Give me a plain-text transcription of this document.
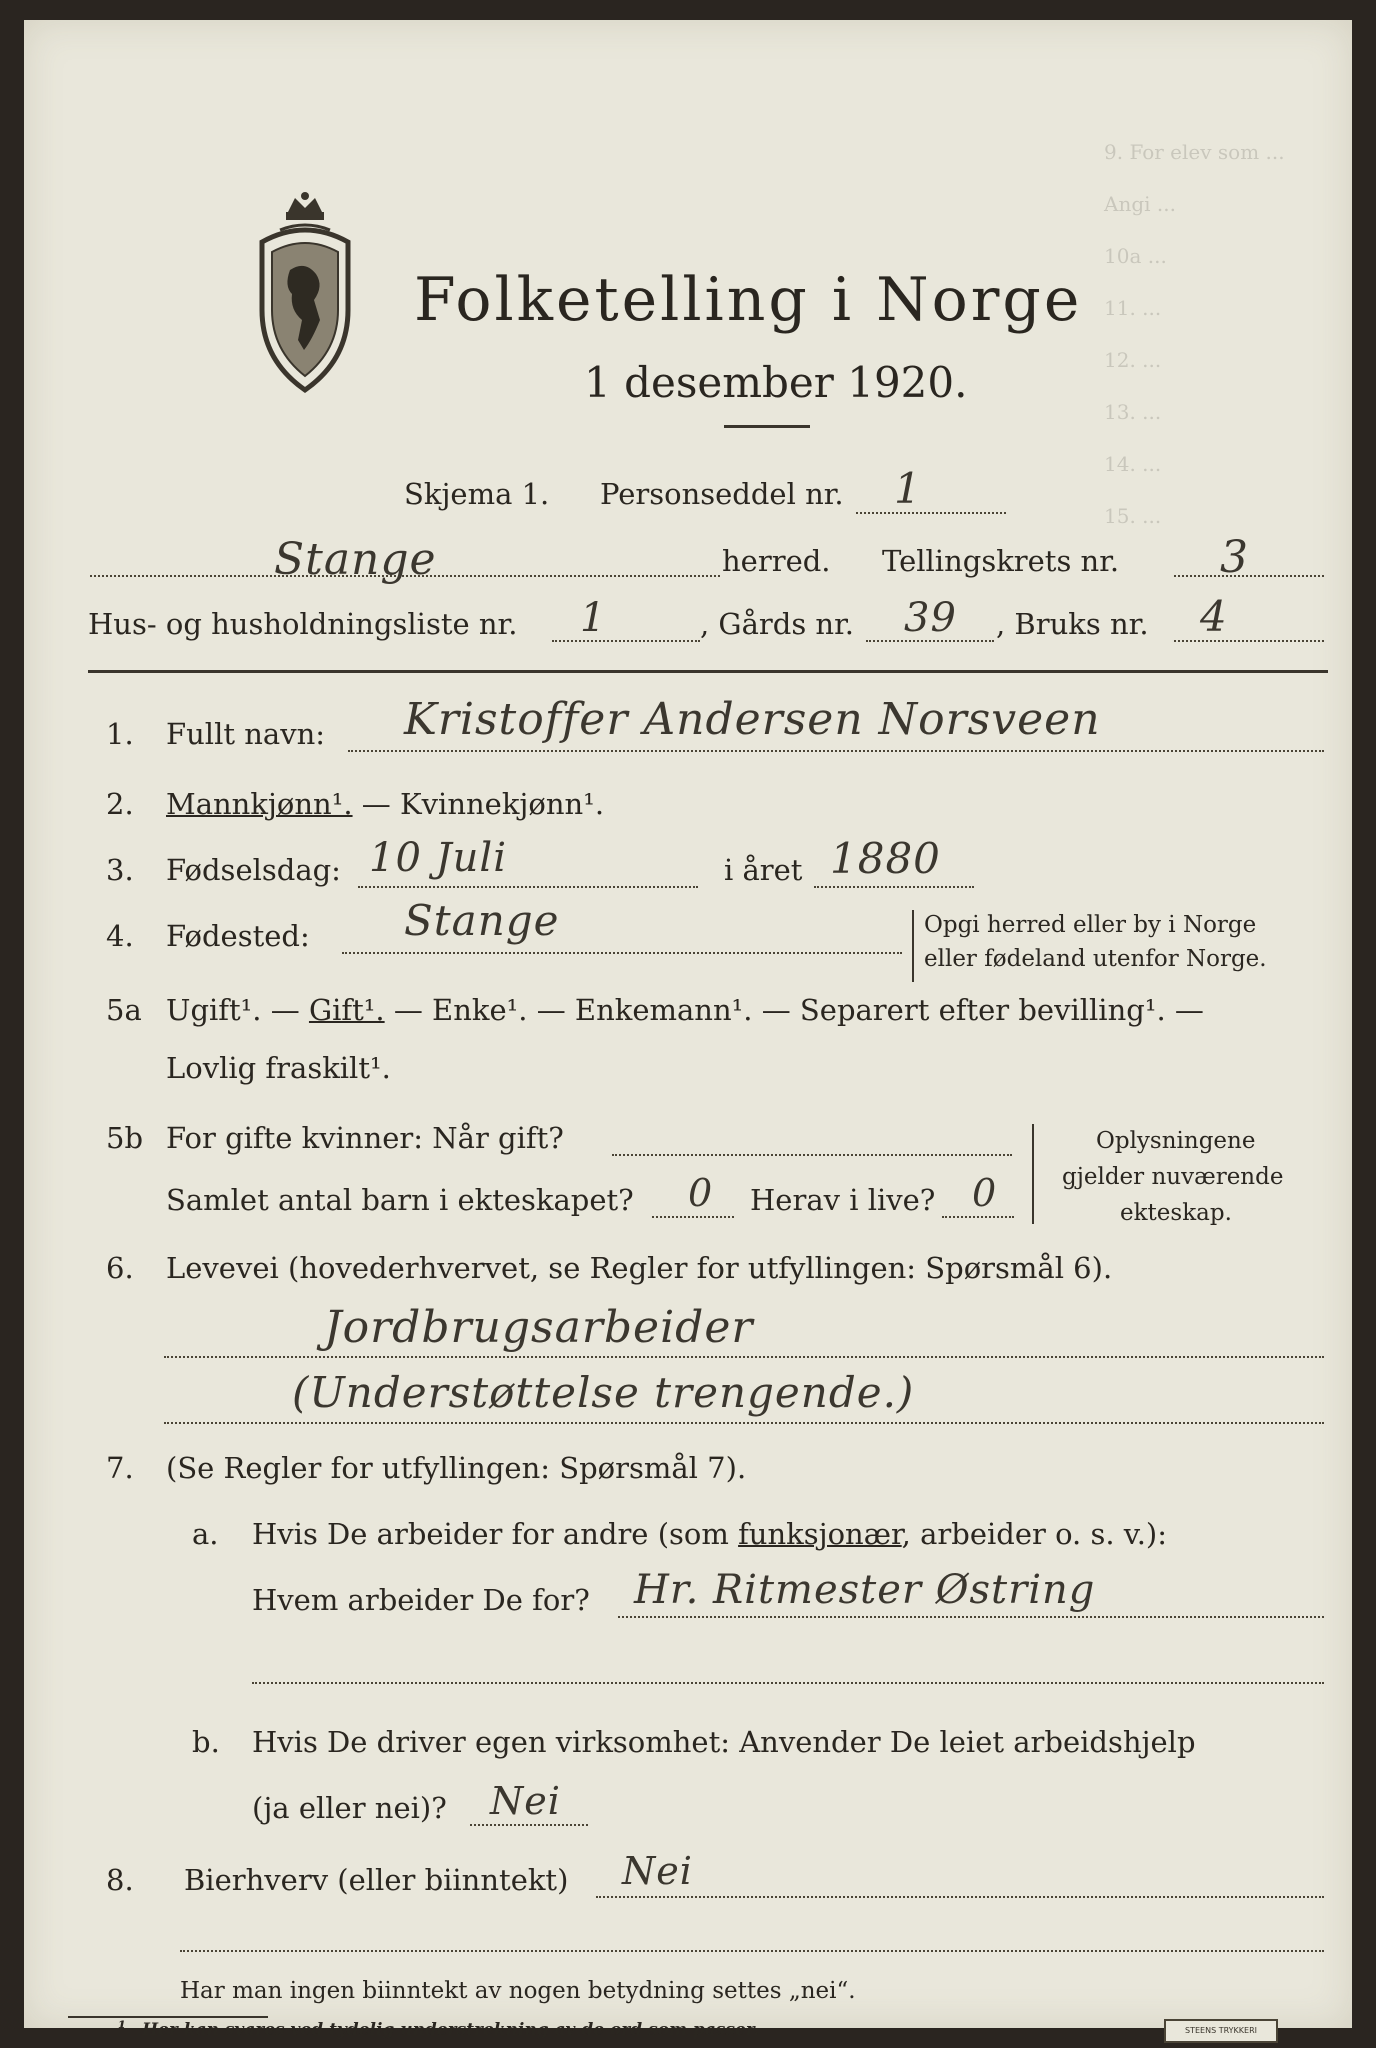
9. For elev som ...
Angi ...
10a ...
11. ...
12. ...
13. ...
14. ...
15. ...
Folketelling i Norge
1 desember 1920.
Skjema 1. Personseddel nr. 1
Stange	herred. Tellingskrets nr. 3
Hus- og husholdningsliste nr. 1	, Gårds nr. 39 , Bruks nr. 4
1. Fullt navn: Kristoffer Andersen Norsveen
2. Mannkjønn¹. — Kvinnekjønn¹.
3. Fødselsdag: 10 Juli	i året 1880
4. Fødested: Stange	Opgi herred eller by i Norge
eller fødeland utenfor Norge.
5a Ugift¹. — Gift¹. — Enke¹. — Enkemann¹. — Separert efter bevilling¹. —
Lovlig fraskilt¹.
5b For gifte kvinner: Når gift?
Samlet antal barn i ekteskapet? 0 Herav i live? 0
Oplysningene
gjelder nuværende
ekteskap.
6. Levevei (hovederhvervet, se Regler for utfyllingen: Spørsmål 6).
Jordbrugsarbeider
(Understøttelse trengende.)
7. (Se Regler for utfyllingen: Spørsmål 7).
a. Hvis De arbeider for andre (som funksjonær, arbeider o. s. v.):
Hvem arbeider De for? Hr. Ritmester Østring
b. Hvis De driver egen virksomhet: Anvender De leiet arbeidshjelp
(ja eller nei)? Nei
8. Bierhverv (eller biinntekt) Nei
Har man ingen biinntekt av nogen betydning settes „nei“.
¹ Her kan svares ved tydelig understrekning av de ord som passer.	STEENS TRYKKERI
